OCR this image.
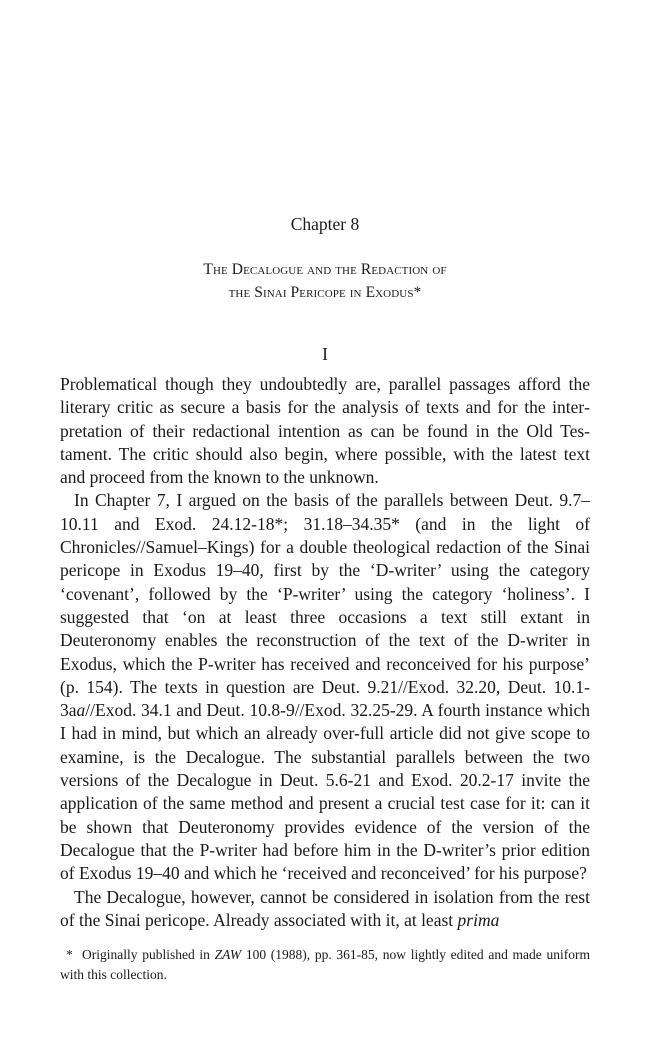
Chapter 8
The Decalogue and the Redaction of
the Sinai Pericope in Exodus*
I

Problematical though they undoubtedly are, parallel passages afford the literary critic as secure a basis for the analysis of texts and for the interpretation of their redactional intention as can be found in the Old Testament. The critic should also begin, where possible, with the latest text and proceed from the known to the unknown.

In Chapter 7, I argued on the basis of the parallels between Deut. 9.7–10.11 and Exod. 24.12-18*; 31.18–34.35* (and in the light of Chronicles//Samuel–Kings) for a double theological redaction of the Sinai pericope in Exodus 19–40, first by the ‘D-writer’ using the category ‘covenant’, followed by the ‘P-writer’ using the category ‘holiness’. I suggested that ‘on at least three occasions a text still extant in Deuteronomy enables the reconstruction of the text of the D-writer in Exodus, which the P-writer has received and reconceived for his purpose’ (p. 154). The texts in question are Deut. 9.21//Exod. 32.20, Deut. 10.1-3aa//Exod. 34.1 and Deut. 10.8-9//Exod. 32.25-29. A fourth instance which I had in mind, but which an already over-full article did not give scope to examine, is the Decalogue. The substantial parallels between the two versions of the Decalogue in Deut. 5.6-21 and Exod. 20.2-17 invite the application of the same method and present a crucial test case for it: can it be shown that Deuteronomy provides evidence of the version of the Decalogue that the P-writer had before him in the D-writer’s prior edition of Exodus 19–40 and which he ‘received and reconceived’ for his purpose?

The Decalogue, however, cannot be considered in isolation from the rest of the Sinai pericope. Already associated with it, at least prima

* Originally published in ZAW 100 (1988), pp. 361-85, now lightly edited and made uniform with this collection.
